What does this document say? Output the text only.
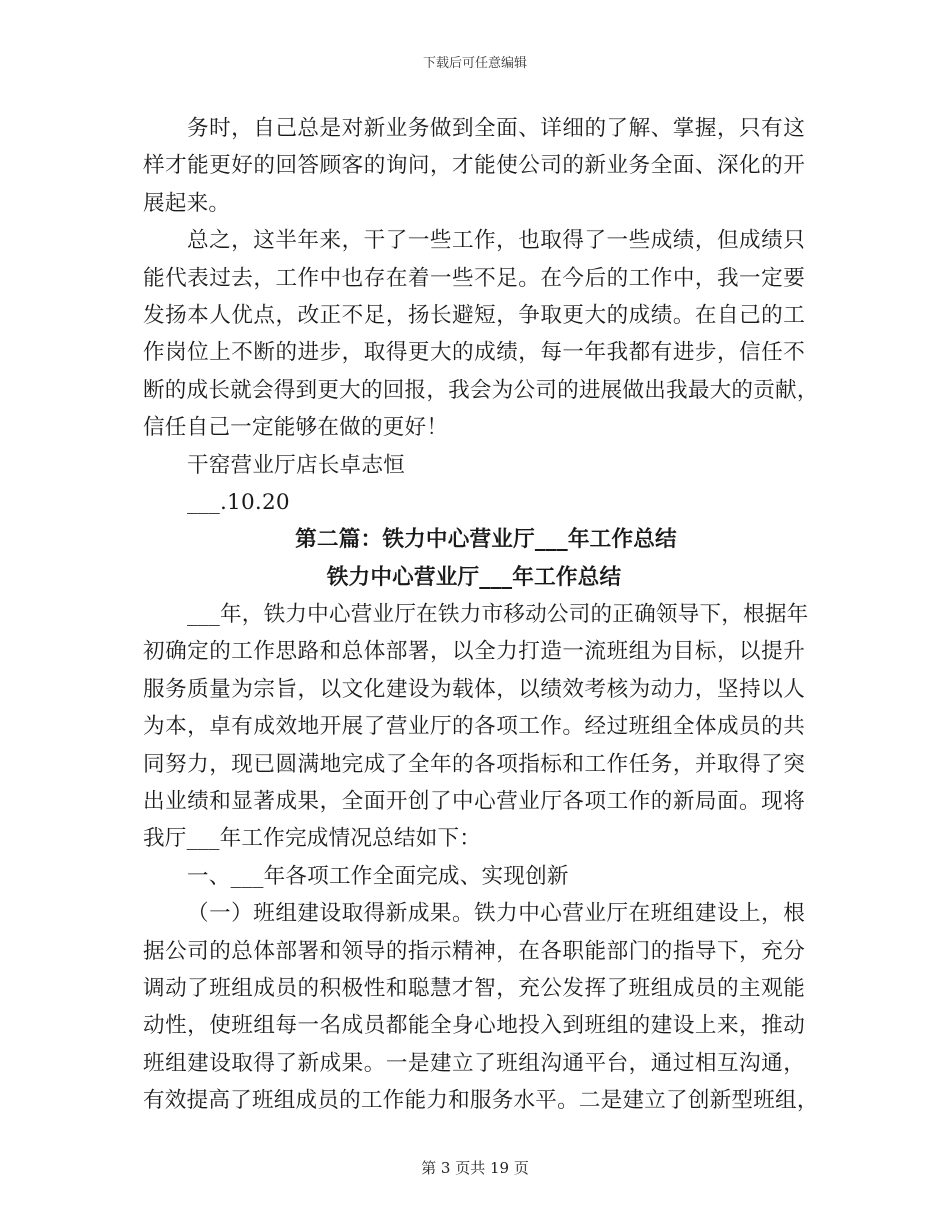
下载后可任意编辑
务时，自己总是对新业务做到全面、详细的了解、掌握，只有这
样才能更好的回答顾客的询问，才能使公司的新业务全面、深化的开
展起来。
总之，这半年来，干了一些工作，也取得了一些成绩，但成绩只
能代表过去，工作中也存在着一些不足。在今后的工作中，我一定要
发扬本人优点，改正不足，扬长避短，争取更大的成绩。在自己的工
作岗位上不断的进步，取得更大的成绩，每一年我都有进步，信任不
断的成长就会得到更大的回报，我会为公司的进展做出我最大的贡献，
信任自己一定能够在做的更好！
干窑营业厅店长卓志恒
___.10.20
第二篇：铁力中心营业厅___年工作总结
铁力中心营业厅___年工作总结
___年，铁力中心营业厅在铁力市移动公司的正确领导下，根据年
初确定的工作思路和总体部署，以全力打造一流班组为目标，以提升
服务质量为宗旨，以文化建设为载体，以绩效考核为动力，坚持以人
为本，卓有成效地开展了营业厅的各项工作。经过班组全体成员的共
同努力，现已圆满地完成了全年的各项指标和工作任务，并取得了突
出业绩和显著成果，全面开创了中心营业厅各项工作的新局面。现将
我厅___年工作完成情况总结如下：
一、___年各项工作全面完成、实现创新
（一）班组建设取得新成果。铁力中心营业厅在班组建设上，根
据公司的总体部署和领导的指示精神，在各职能部门的指导下，充分
调动了班组成员的积极性和聪慧才智，充公发挥了班组成员的主观能
动性，使班组每一名成员都能全身心地投入到班组的建设上来，推动
班组建设取得了新成果。一是建立了班组沟通平台，通过相互沟通，
有效提高了班组成员的工作能力和服务水平。二是建立了创新型班组，
第 3 页共 19 页
